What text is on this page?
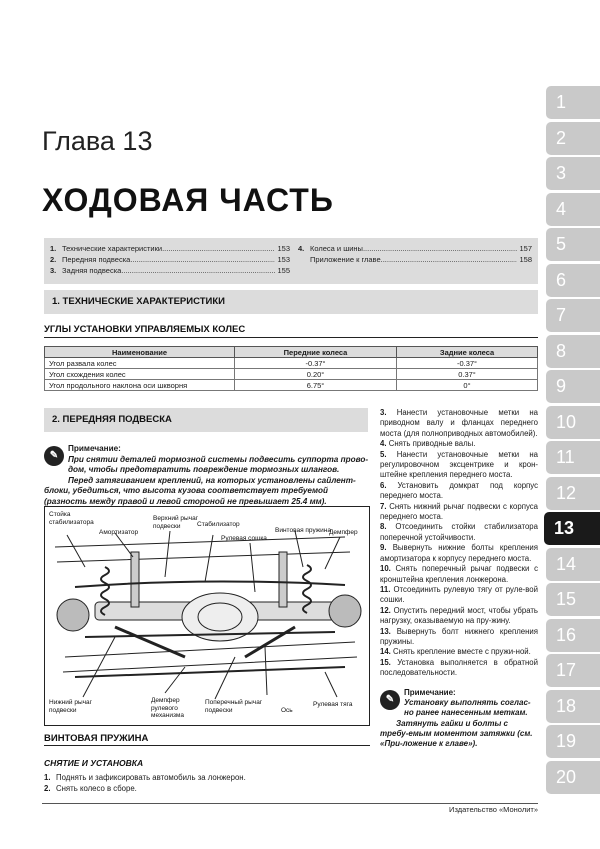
1
2
3
4
5
6
7
8
9
10
11
12
13
14
15
16
17
18
19
20
Глава 13
ХОДОВАЯ ЧАСТЬ
1. Технические характеристики .....	153
2. Передняя подвеска .....	153
3. Задняя подвеска .....	155
4. Колеса и шины .....	157
Приложение к главе .....	158
1. ТЕХНИЧЕСКИЕ ХАРАКТЕРИСТИКИ
УГЛЫ УСТАНОВКИ УПРАВЛЯЕМЫХ КОЛЕС
Наименование	Передние колеса	Задние колеса
Угол развала колес	-0.37°	-0.37°
Угол схождения колес	0.20°	0.37°
Угол продольного наклона оси шкворня	6.75°	0°
2. ПЕРЕДНЯЯ ПОДВЕСКА
✎
Примечание:
При снятии деталей тормозной системы подвесить суппорта прово-дом, чтобы предотвратить повреждение тормозных шлангов.
Перед затягиванием креплений, на которых установлены сайлент-блоки, убедиться, что высота кузова соответствует требуемой (разность между правой и левой стороной не превышает 25.4 мм).
Стойка стабилизатора
Амортизатор
Верхний рычаг подвески	Стабилизатор
Рулевая сошка
Винтовая пружина
Демпфер
Нижний рычаг подвески
Демпфер рулевого механизма
Поперечный рычаг подвески	Ось
Рулевая тяга
ВИНТОВАЯ ПРУЖИНА
СНЯТИЕ И УСТАНОВКА
1. Поднять и зафиксировать автомобиль за лонжерон.
2. Снять колесо в сборе.
3. Нанести установочные метки на приводном валу и фланцах переднего моста (для полноприводных автомобилей).
4. Снять приводные валы.
5. Нанести установочные метки на регулировочном эксцентрике и крон-штейне крепления переднего моста.
6. Установить домкрат под корпус переднего моста.
7. Снять нижний рычаг подвески с корпуса переднего моста.
8. Отсоединить стойки стабилизатора поперечной устойчивости.
9. Вывернуть нижние болты крепления амортизатора к корпусу переднего моста.
10. Снять поперечный рычаг подвески с кронштейна крепления лонжерона.
11. Отсоединить рулевую тягу от руле-вой сошки.
12. Опустить передний мост, чтобы убрать нагрузку, оказываемую на пру-жину.
13. Вывернуть болт нижнего крепления пружины.
14. Снять крепление вместе с пружи-ной.
15. Установка выполняется в обратной последовательности.
✎
Примечание:
Установку выполнять соглас-но ранее нанесенным меткам.
Затянуть гайки и болты с требу-емым моментом затяжки (см. «При-ложение к главе»).
Издательство «Монолит»
